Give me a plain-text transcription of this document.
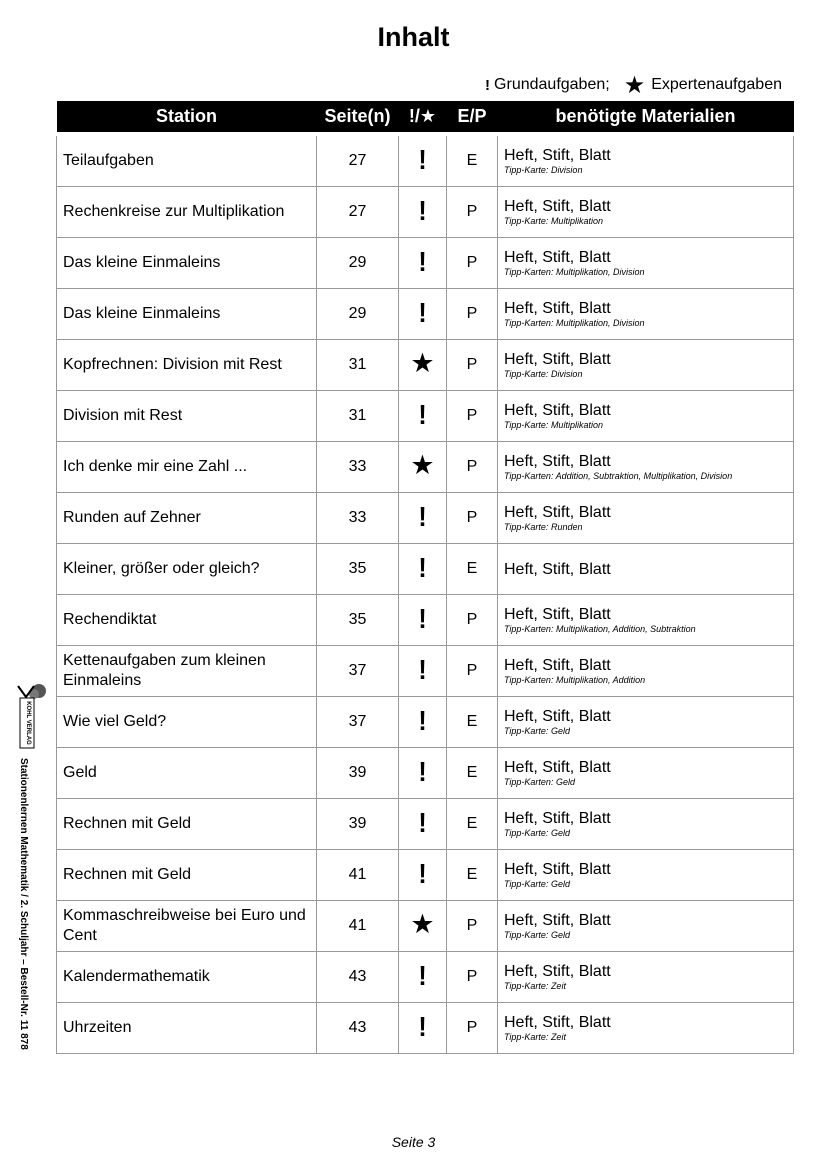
Inhalt
! Grundaufgaben; ★ Expertenaufgaben
Station	Seite(n)	!/★	E/P	benötigte Materialien
Teilaufgaben	27	!	E	Heft, Stift, Blatt
Tipp-Karte: Division

Rechenkreise zur Multiplikation	27	!	P	Heft, Stift, Blatt
Tipp-Karte: Multiplikation

Das kleine Einmaleins	29	!	P	Heft, Stift, Blatt
Tipp-Karten: Multiplikation, Division

Das kleine Einmaleins	29	!	P	Heft, Stift, Blatt
Tipp-Karten: Multiplikation, Division

Kopfrechnen: Division mit Rest	31	★	P	Heft, Stift, Blatt
Tipp-Karte: Division

Division mit Rest	31	!	P	Heft, Stift, Blatt
Tipp-Karte: Multiplikation

Ich denke mir eine Zahl ...	33	★	P	Heft, Stift, Blatt
Tipp-Karten: Addition, Subtraktion, Multiplikation, Division

Runden auf Zehner	33	!	P	Heft, Stift, Blatt
Tipp-Karte: Runden

Kleiner, größer oder gleich?	35	!	E	Heft, Stift, Blatt

Rechendiktat	35	!	P	Heft, Stift, Blatt
Tipp-Karten: Multiplikation, Addition, Subtraktion

Kettenaufgaben zum kleinen Einmaleins	37	!	P	Heft, Stift, Blatt
Tipp-Karten: Multiplikation, Addition

Wie viel Geld?	37	!	E	Heft, Stift, Blatt
Tipp-Karte: Geld

Geld	39	!	E	Heft, Stift, Blatt
Tipp-Karten: Geld

Rechnen mit Geld	39	!	E	Heft, Stift, Blatt
Tipp-Karte: Geld

Rechnen mit Geld	41	!	E	Heft, Stift, Blatt
Tipp-Karte: Geld

Kommaschreibweise bei Euro und Cent	41	★	P	Heft, Stift, Blatt
Tipp-Karte: Geld

Kalendermathematik	43	!	P	Heft, Stift, Blatt
Tipp-Karte: Zeit

Uhrzeiten	43	!	P	Heft, Stift, Blatt
Tipp-Karte: Zeit
KOHL VERLAG
Stationenlernen Mathematik / 2. Schuljahr – Bestell-Nr. 11 878
Seite 3
